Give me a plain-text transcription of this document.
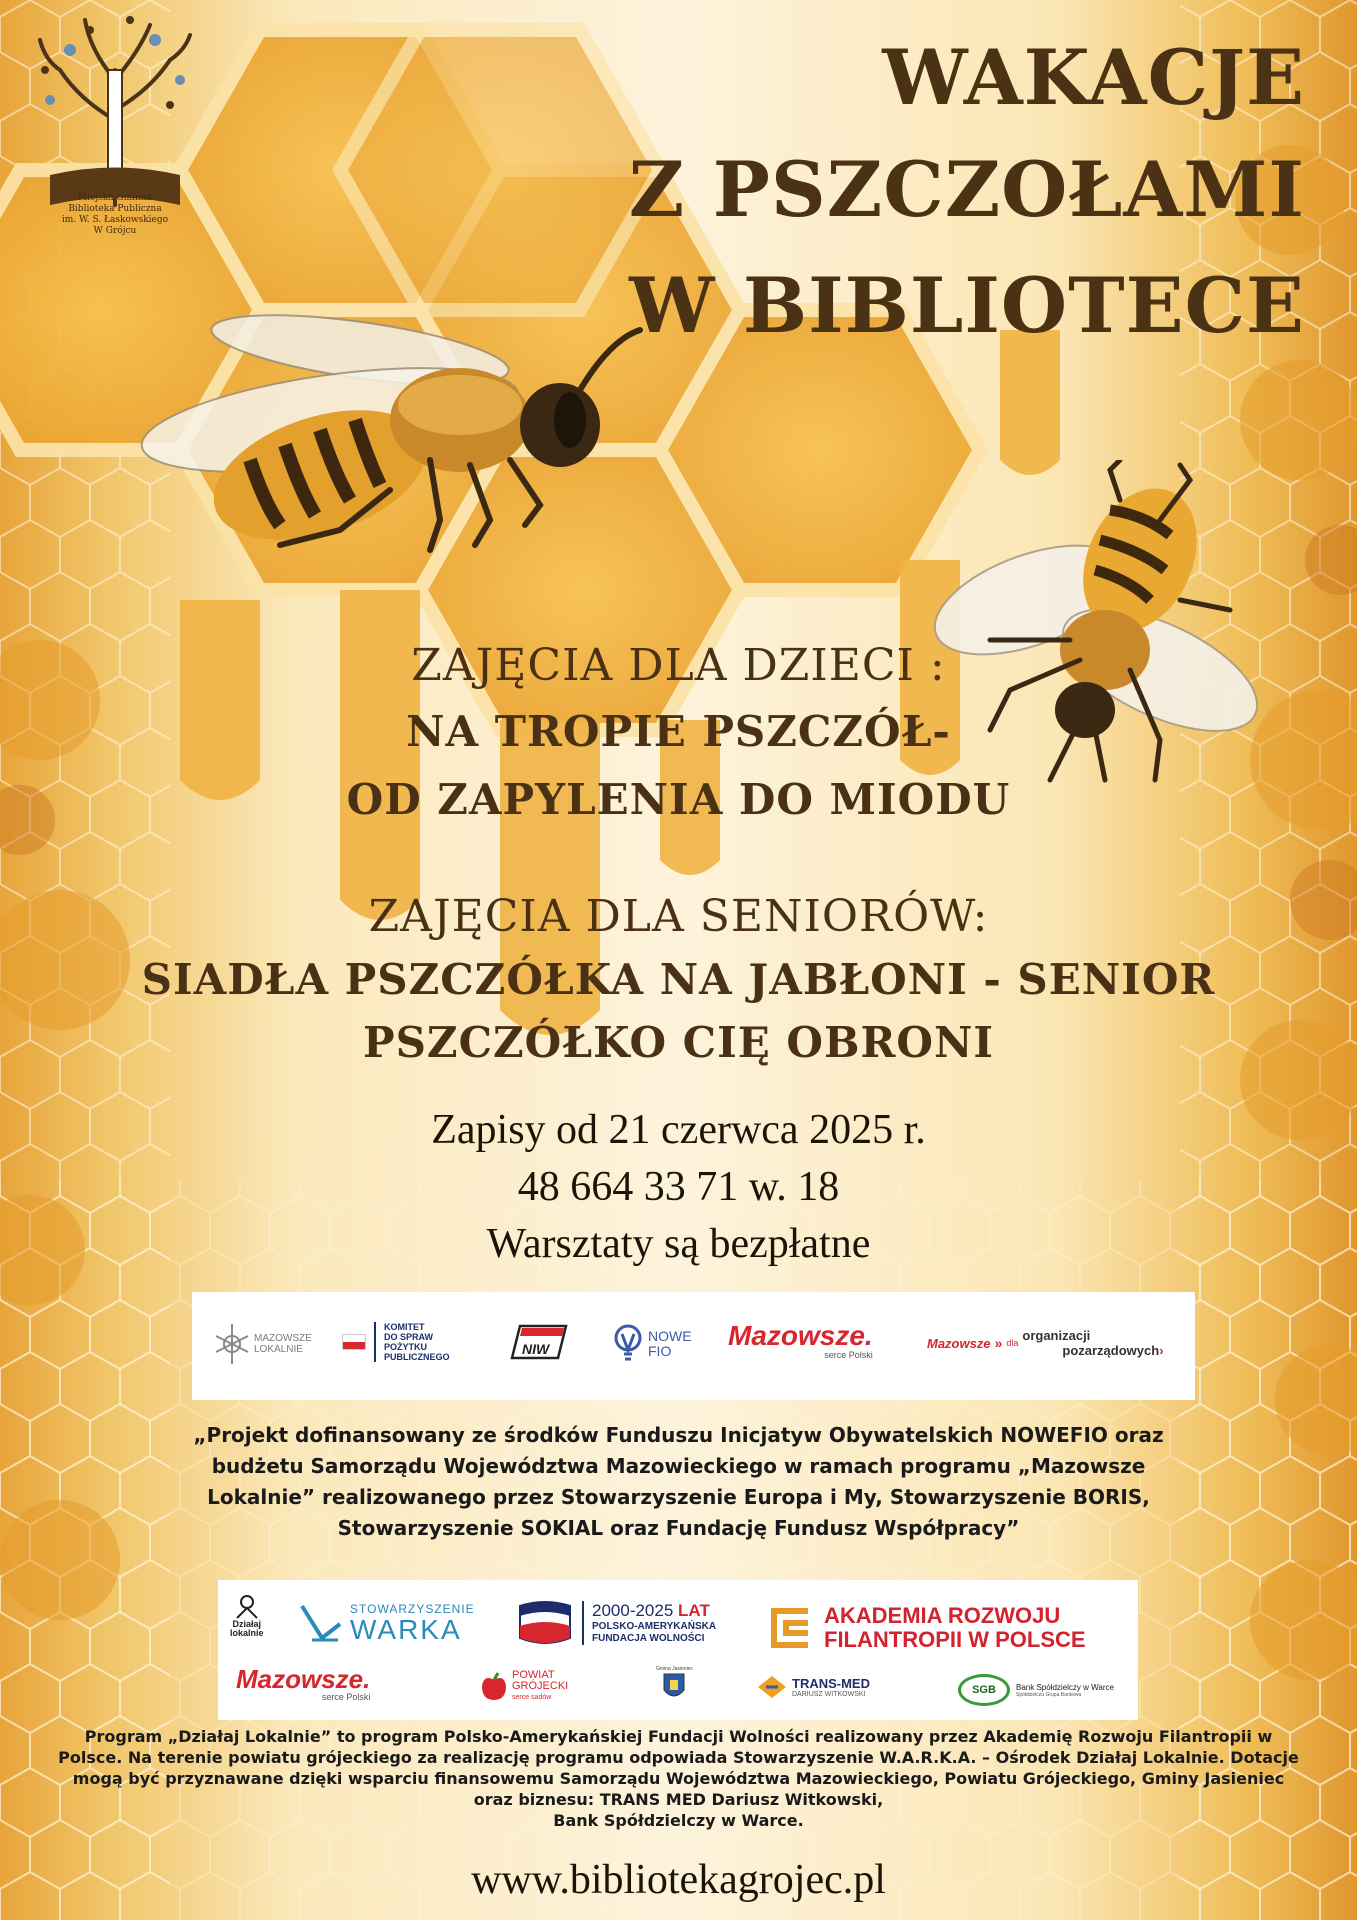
Miejska Gminna
Biblioteka Publiczna
im. W. S. Łaskowskiego
W Grójcu
WAKACJE
Z PSZCZOŁAMI
W BIBLIOTECE
ZAJĘCIA DLA DZIECI :
NA TROPIE PSZCZÓŁ-
OD ZAPYLENIA DO MIODU
ZAJĘCIA DLA SENIORÓW:
SIADŁA PSZCZÓŁKA NA JABŁONI - SENIOR
PSZCZÓŁKO CIĘ OBRONI
Zapisy od 21 czerwca 2025 r.
48 664 33 71 w. 18
Warsztaty są bezpłatne
MAZOWSZE LOKALNIE
KOMITET
DO SPRAW
POŻYTKU
PUBLICZNEGO	NIW
NOWE
FIO	Mazowsze.
serce Polski
Mazowsze » dla organizacji
pozarządowych›
„Projekt dofinansowany ze środków Funduszu Inicjatyw Obywatelskich NOWEFIO oraz
budżetu Samorządu Województwa Mazowieckiego w ramach programu „Mazowsze
Lokalnie” realizowanego przez Stowarzyszenie Europa i My, Stowarzyszenie BORIS,
Stowarzyszenie SOKIAL oraz Fundację Fundusz Współpracy”
Działaj
lokalnie
STOWARZYSZENIE
WARKA
2000-2025 LAT
POLSKO-AMERYKAŃSKA
FUNDACJA WOLNOŚCI
AKADEMIA ROZWOJU
FILANTROPII W POLSCE
Mazowsze.
serce Polski
POWIAT
GRÓJECKI
serce sadów
Gmina Jasieniec
TRANS-MED
DARIUSZ WITKOWSKI	SGB	Bank Spółdzielczy w Warce
Spółdzielcza Grupa Bankowa
Program „Działaj Lokalnie” to program Polsko-Amerykańskiej Fundacji Wolności realizowany przez Akademię Rozwoju Filantropii w
Polsce. Na terenie powiatu grójeckiego za realizację programu odpowiada Stowarzyszenie W.A.R.K.A. – Ośrodek Działaj Lokalnie. Dotacje
mogą być przyznawane dzięki wsparciu finansowemu Samorządu Województwa Mazowieckiego, Powiatu Grójeckiego, Gminy Jasieniec
oraz biznesu: TRANS MED Dariusz Witkowski,
Bank Spółdzielczy w Warce.
www.bibliotekagrojec.pl
